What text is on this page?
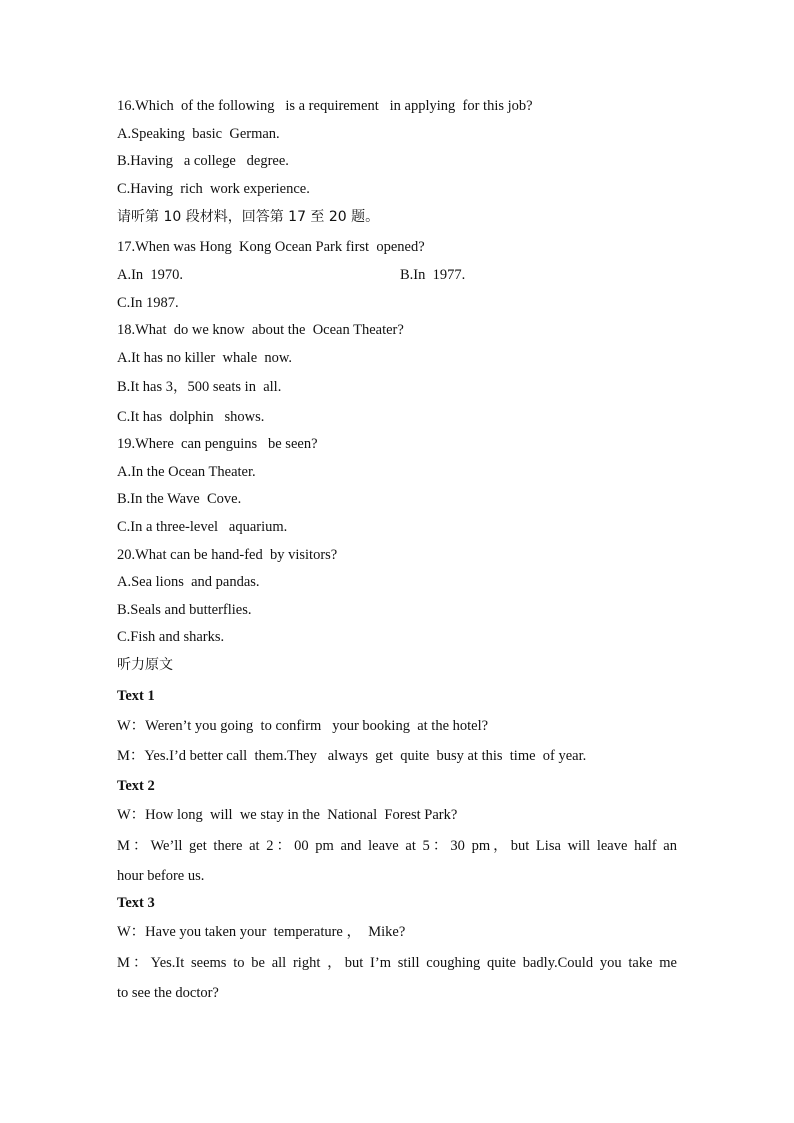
16.Which  of the following   is a requirement   in applying  for this job?
A.Speaking  basic  German.
B.Having   a college   degree.
C.Having  rich  work experience.
请听第 10 段材料，回答第 17 至 20 题。
17.When was Hong  Kong Ocean Park first  opened?
A.In  1970.	B.In  1977.
C.In 1987.
18.What  do we know  about the  Ocean Theater?
A.It has no killer  whale  now.
B.It has 3，500 seats in  all.
C.It has  dolphin   shows.
19.Where  can penguins   be seen?
A.In the Ocean Theater.
B.In the Wave  Cove.
C.In a three-level   aquarium.
20.What can be hand-fed  by visitors?
A.Sea lions  and pandas.
B.Seals and butterflies.
C.Fish and sharks.
听力原文
Text 1
W：Weren’t you going  to confirm   your booking  at the hotel?
M：Yes.I’d better call  them.They   always  get  quite  busy at this  time  of year.
Text 2
W：How long  will  we stay in the  National  Forest Park?
M：We’ll get there at 2：00 pm and leave at 5：30 pm，but Lisa will leave half an
hour before us.
Text 3
W：Have you taken your  temperature ，  Mike?
M：Yes.It seems to be all right ，but I’m still coughing quite badly.Could you take me
to see the doctor?
